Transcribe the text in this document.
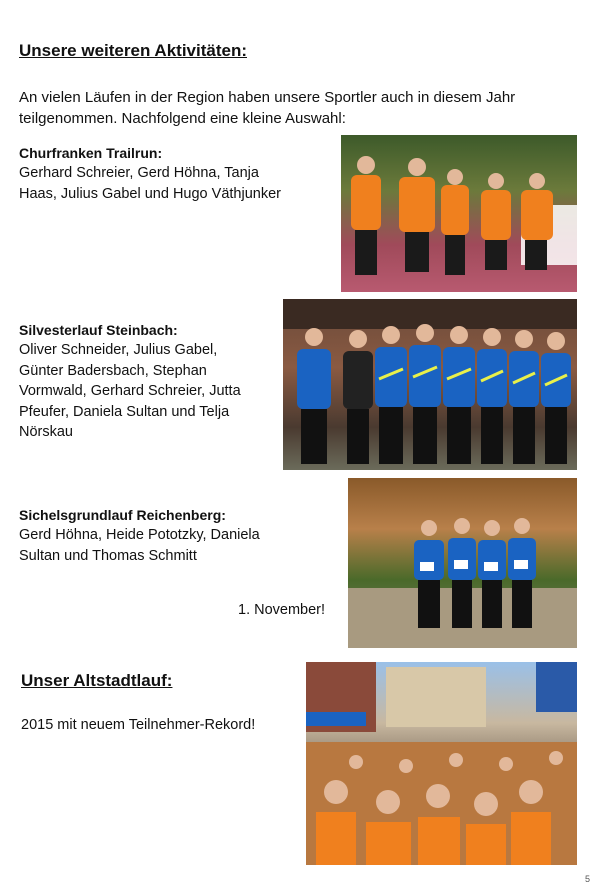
Unsere weiteren Aktivitäten:
An vielen Läufen in der Region haben unsere Sportler auch in diesem Jahr teilgenommen. Nachfolgend eine kleine Auswahl:
Churfranken Trailrun:
Gerhard Schreier, Gerd Höhna, Tanja Haas, Julius Gabel und Hugo Väthjunker
Silvesterlauf Steinbach:
Oliver Schneider, Julius Gabel, Günter Badersbach, Stephan Vormwald, Gerhard Schreier, Jutta Pfeufer, Daniela Sultan und Telja Nörskau
Sichelsgrundlauf Reichenberg:
Gerd Höhna, Heide Pototzky, Daniela Sultan und Thomas Schmitt
1. November!
Unser Altstadtlauf:
2015 mit neuem Teilnehmer-Rekord!
5
